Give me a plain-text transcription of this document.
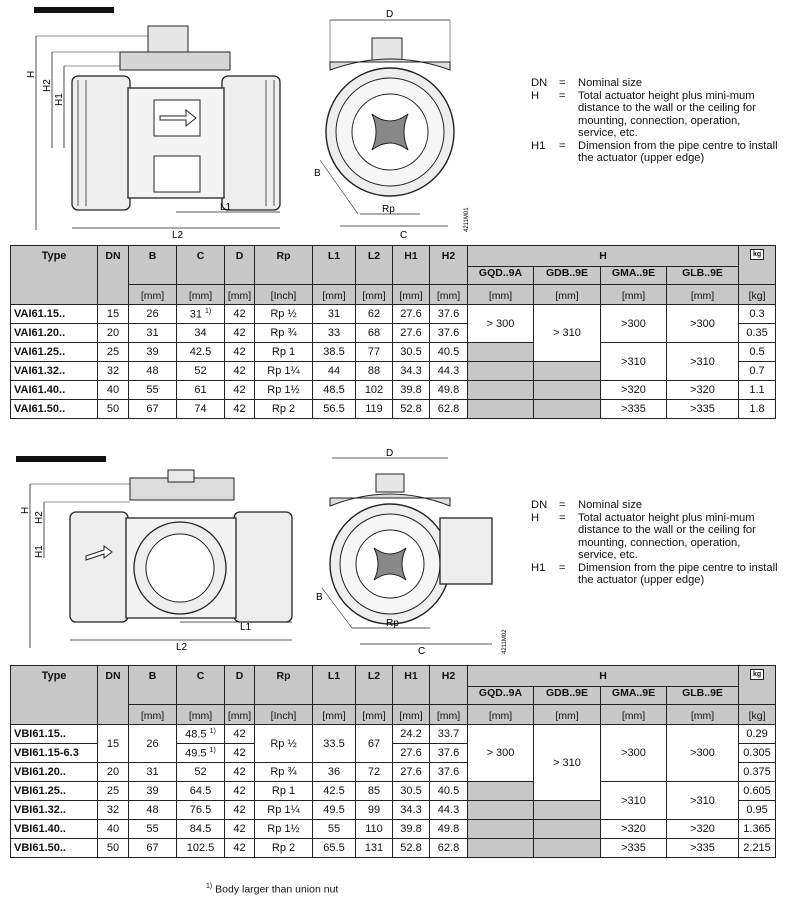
H
H2
H1
L1
L2
D
B
Rp
C
4211M01
DN	=	Nominal size
H	=	Total actuator height plus mini-mum distance to the wall or the ceiling for mounting, connection, operation, service, etc.
H1	=	Dimension from the pipe centre to install the actuator (upper edge)
Type	DN	B	C	D	Rp	L1	L2	H1	H2	H				kg
										GQD..9A	GDB..9E	GMA..9E	GLB..9E	
		[mm]	[mm]	[mm]	[Inch]	[mm]	[mm]	[mm]	[mm]	[mm]	[mm]	[mm]	[mm]	[kg]
VAI61.15..	15	26	31 $^{1)}$	42	Rp ½	31	62	27.6	37.6	> 300	> 310	>300	>300	0.3
VAI61.20..	20	31	34	42	Rp ¾	33	68	27.6	37.6					0.35
VAI61.25..	25	39	42.5	42	Rp 1	38.5	77	30.5	40.5			>310	>310	0.5
VAI61.32..	32	48	52	42	Rp 1¼	44	88	34.3	44.3					0.7
VAI61.40..	40	55	61	42	Rp 1½	48.5	102	39.8	49.8			>320	>320	1.1
VAI61.50..	50	67	74	42	Rp 2	56.5	119	52.8	62.8			>335	>335	1.8
H
H2
H1
L1
L2
D
B
Rp
C	4211M02
DN	=	Nominal size
H	=	Total actuator height plus mini-mum distance to the wall or the ceiling for mounting, connection, operation, service, etc.
H1	=	Dimension from the pipe centre to install the actuator (upper edge)
Type	DN	B	C	D	Rp	L1	L2	H1	H2	H				kg
										GQD..9A	GDB..9E	GMA..9E	GLB..9E	
		[mm]	[mm]	[mm]	[Inch]	[mm]	[mm]	[mm]	[mm]	[mm]	[mm]	[mm]	[mm]	[kg]
VBI61.15..	15	26	48.5 $^{1)}$	42	Rp ½	33.5	67	24.2	33.7	> 300	> 310	>300	>300	0.29
VBI61.15-6.3			49.5 $^{1)}$	42				27.6	37.6					0.305
VBI61.20..	20	31	52	42	Rp ¾	36	72	27.6	37.6					0.375
VBI61.25..	25	39	64.5	42	Rp 1	42.5	85	30.5	40.5			>310	>310	0.605
VBI61.32..	32	48	76.5	42	Rp 1¼	49.5	99	34.3	44.3					0.95
VBI61.40..	40	55	84.5	42	Rp 1½	55	110	39.8	49.8			>320	>320	1.365
VBI61.50..	50	67	102.5	42	Rp 2	65.5	131	52.8	62.8			>335	>335	2.215
$^{1)}$ Body larger than union nut
